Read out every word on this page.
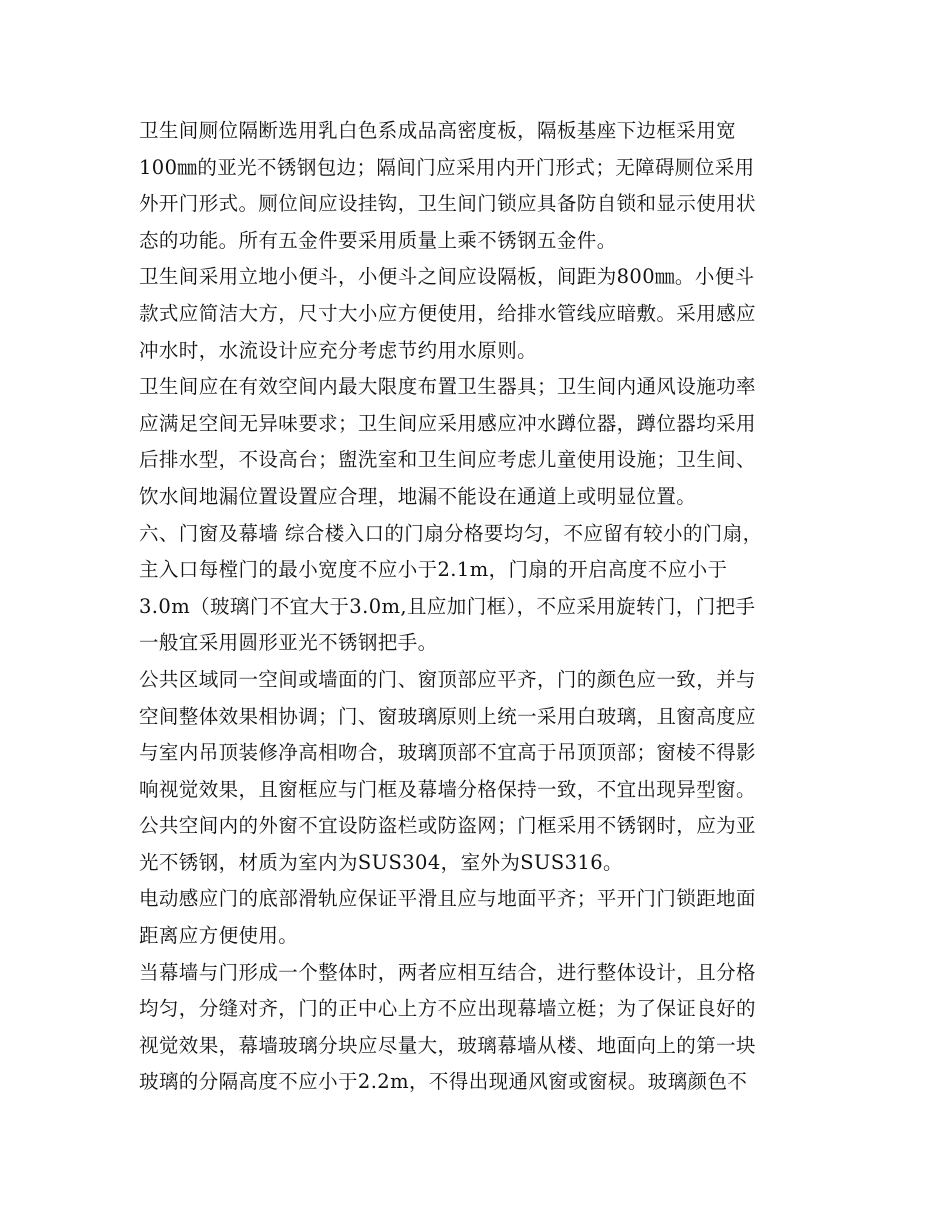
卫生间厕位隔断选用乳白色系成品高密度板，隔板基座下边框采用宽
100㎜的亚光不锈钢包边；隔间门应采用内开门形式；无障碍厕位采用
外开门形式。厕位间应设挂钩，卫生间门锁应具备防自锁和显示使用状
态的功能。所有五金件要采用质量上乘不锈钢五金件。
卫生间采用立地小便斗，小便斗之间应设隔板，间距为800㎜。小便斗
款式应简洁大方，尺寸大小应方便使用，给排水管线应暗敷。采用感应
冲水时，水流设计应充分考虑节约用水原则。
卫生间应在有效空间内最大限度布置卫生器具；卫生间内通风设施功率
应满足空间无异味要求；卫生间应采用感应冲水蹲位器，蹲位器均采用
后排水型，不设高台；盥洗室和卫生间应考虑儿童使用设施；卫生间、
饮水间地漏位置设置应合理，地漏不能设在通道上或明显位置。
六、门窗及幕墙 综合楼入口的门扇分格要均匀，不应留有较小的门扇，
主入口每樘门的最小宽度不应小于2.1m，门扇的开启高度不应小于
3.0m（玻璃门不宜大于3.0m,且应加门框），不应采用旋转门，门把手
一般宜采用圆形亚光不锈钢把手。
公共区域同一空间或墙面的门、窗顶部应平齐，门的颜色应一致，并与
空间整体效果相协调；门、窗玻璃原则上统一采用白玻璃，且窗高度应
与室内吊顶装修净高相吻合，玻璃顶部不宜高于吊顶顶部；窗棱不得影
响视觉效果，且窗框应与门框及幕墙分格保持一致，不宜出现异型窗。
公共空间内的外窗不宜设防盗栏或防盗网；门框采用不锈钢时，应为亚
光不锈钢，材质为室内为SUS304，室外为SUS316。
电动感应门的底部滑轨应保证平滑且应与地面平齐；平开门门锁距地面
距离应方便使用。
当幕墙与门形成一个整体时，两者应相互结合，进行整体设计，且分格
均匀，分缝对齐，门的正中心上方不应出现幕墙立梃；为了保证良好的
视觉效果，幕墙玻璃分块应尽量大，玻璃幕墙从楼、地面向上的第一块
玻璃的分隔高度不应小于2.2m，不得出现通风窗或窗棂。玻璃颜色不
